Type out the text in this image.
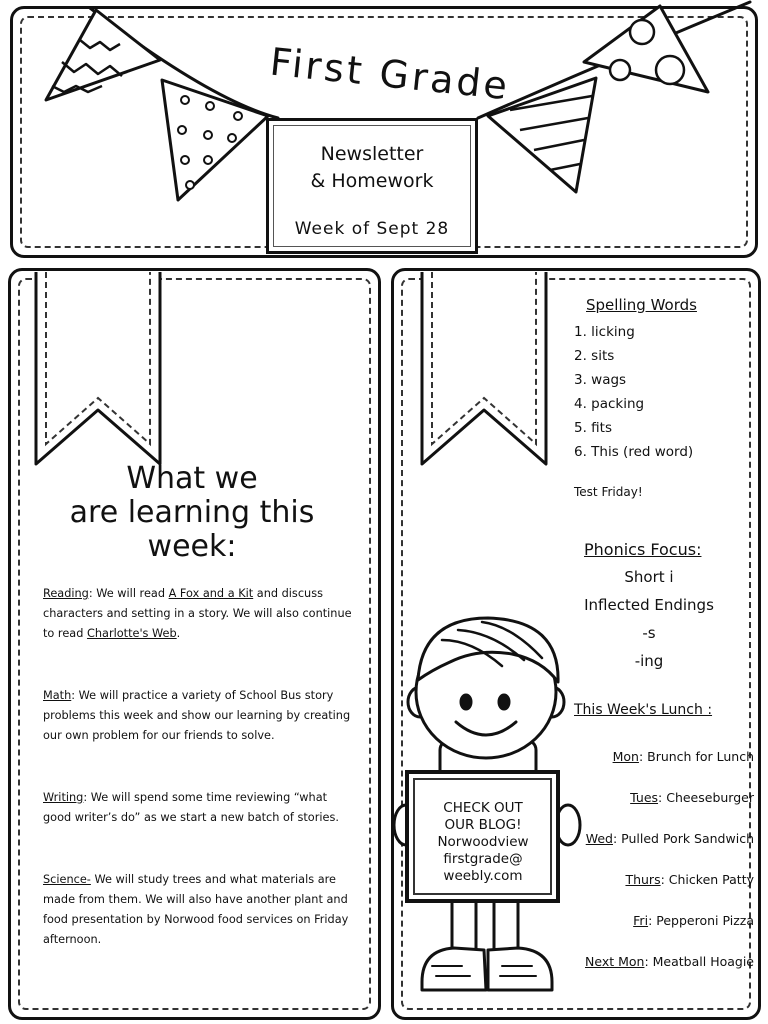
First Grade
Newsletter
& Homework
Week of Sept 28
What we
are learning this
week:
Reading: We will read A Fox and a Kit and discuss characters and setting in a story. We will also continue to read Charlotte's Web.
Math: We will practice a variety of School Bus story problems this week and show our learning by creating our own problem for our friends to solve.
Writing: We will spend some time reviewing “what good writer’s do” as we start a new batch of stories.
Science- We will study trees and what materials are made from them. We will also have another plant and food presentation by Norwood food services on Friday afternoon.
Spelling Words
1. licking
2. sits
3. wags
4. packing
5. fits
6. This (red word)
Test Friday!
Phonics Focus:
Short i
Inflected Endings
-s
-ing
This Week's Lunch :
Mon: Brunch for Lunch
Tues: Cheeseburger
Wed: Pulled Pork Sandwich
Thurs: Chicken Patty
Fri: Pepperoni Pizza
Next Mon: Meatball Hoagie
CHECK OUT
OUR BLOG!
Norwoodview
firstgrade@
weebly.com
